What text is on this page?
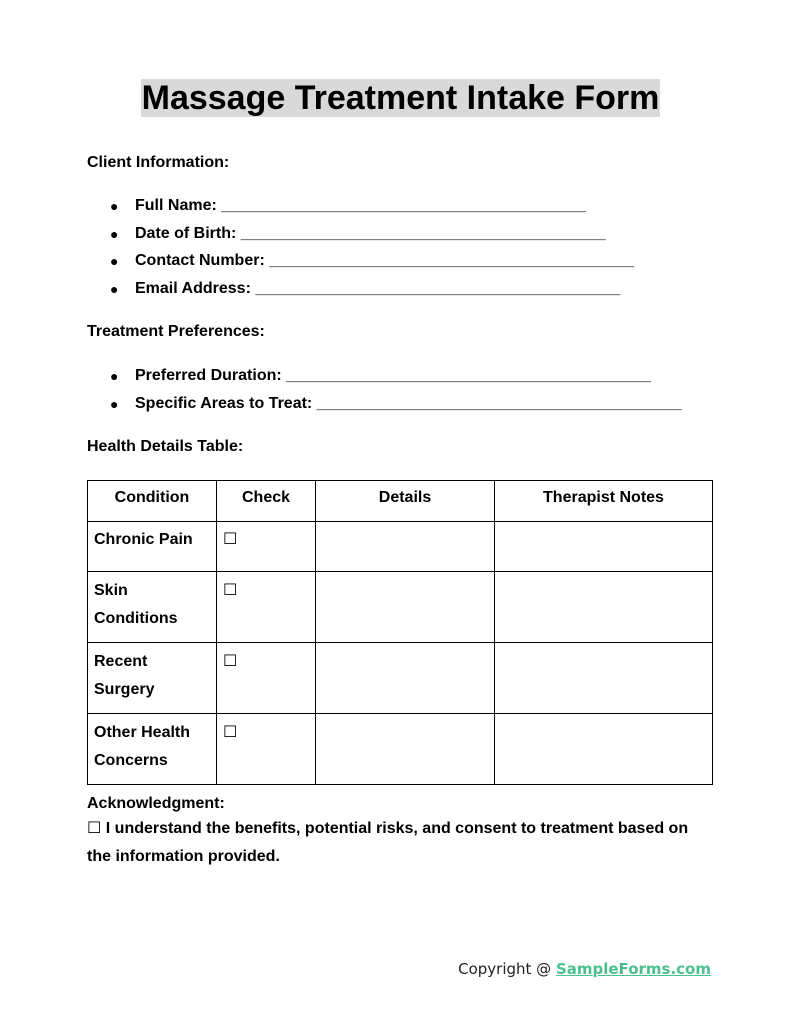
Massage Treatment Intake Form
Client Information:
● Full Name: _________________________________________
● Date of Birth: _________________________________________
● Contact Number: _________________________________________
● Email Address: _________________________________________
Treatment Preferences:
● Preferred Duration: _________________________________________
● Specific Areas to Treat: _________________________________________
Health Details Table:
Condition	Check	Details	Therapist Notes
Chronic Pain	☐		
Skin Conditions	☐		
Recent Surgery	☐		
Other Health Concerns	☐		
Acknowledgment:
☐ I understand the benefits, potential risks, and consent to treatment based on the information provided.
Copyright @ SampleForms.com
